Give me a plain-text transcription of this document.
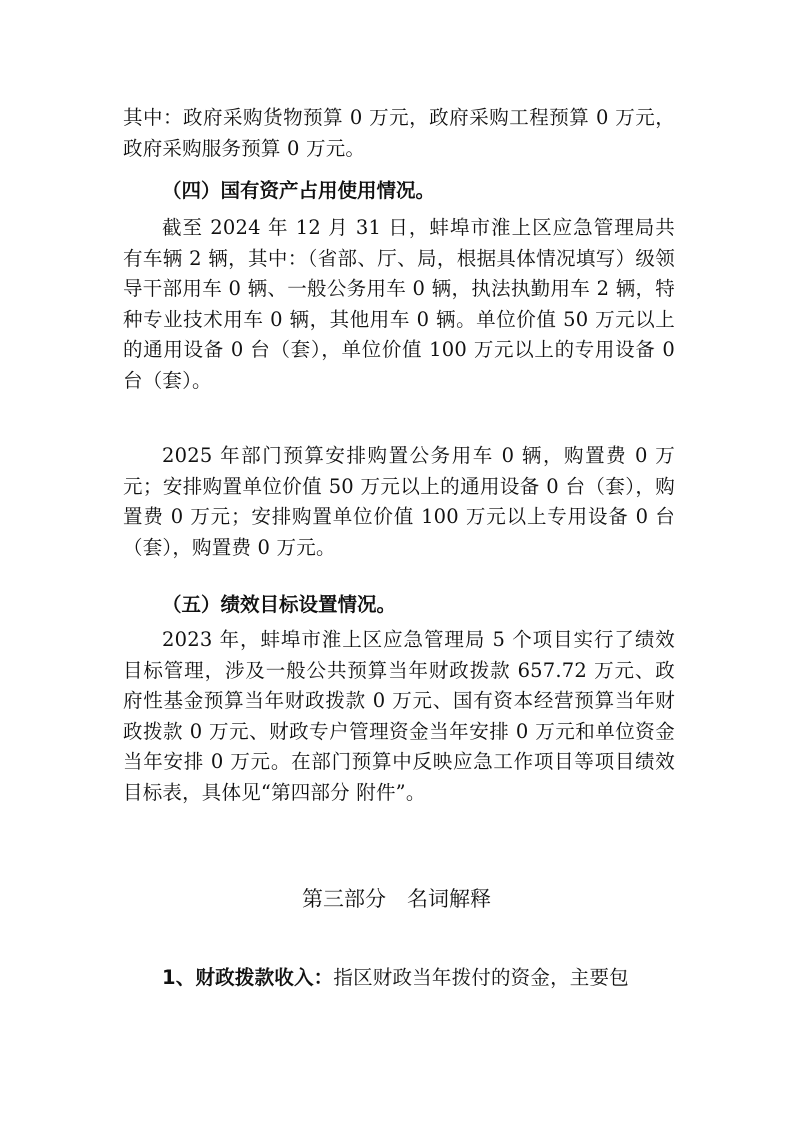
其中：政府采购货物预算 0 万元，政府采购工程预算 0 万元，政府采购服务预算 0 万元。

（四）国有资产占用使用情况。

截至 2024 年 12 月 31 日，蚌埠市淮上区应急管理局共有车辆 2 辆，其中：（省部、厅、局，根据具体情况填写）级领导干部用车 0 辆、一般公务用车 0 辆，执法执勤用车 2 辆，特种专业技术用车 0 辆，其他用车 0 辆。单位价值 50 万元以上的通用设备 0 台（套），单位价值 100 万元以上的专用设备 0 台（套）。

2025 年部门预算安排购置公务用车 0 辆，购置费 0 万元；安排购置单位价值 50 万元以上的通用设备 0 台（套），购置费 0 万元；安排购置单位价值 100 万元以上专用设备 0 台（套），购置费 0 万元。

（五）绩效目标设置情况。

2023 年，蚌埠市淮上区应急管理局 5 个项目实行了绩效目标管理，涉及一般公共预算当年财政拨款 657.72 万元、政府性基金预算当年财政拨款 0 万元、国有资本经营预算当年财政拨款 0 万元、财政专户管理资金当年安排 0 万元和单位资金当年安排 0 万元。在部门预算中反映应急工作项目等项目绩效目标表，具体见“第四部分 附件”。

第三部分　名词解释

1、财政拨款收入：指区财政当年拨付的资金，主要包
